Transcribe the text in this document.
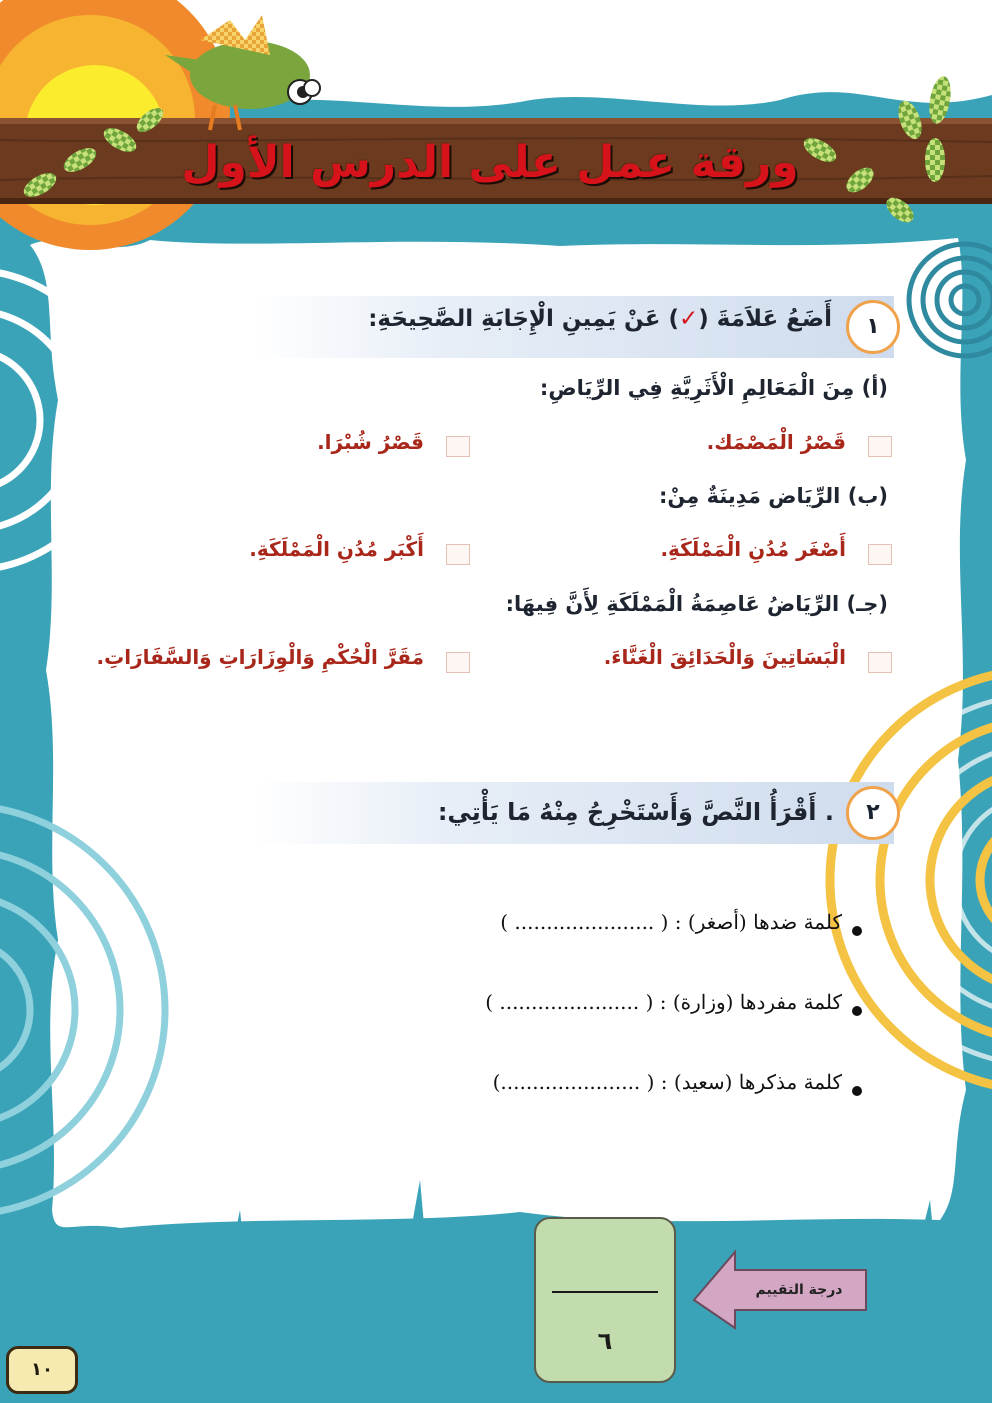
ورقة عمل على الدرس الأول
١
أَضَعُ عَلاَمَةَ (✓) عَنْ يَمِينِ الْإِجَابَةِ الصَّحِيحَةِ:
(أ) مِنَ الْمَعَالِمِ الْأَثَرِيَّةِ فِي الرِّيَاضِ:
قَصْرُ الْمَصْمَك.
قَصْرُ شُبْرَا.
(ب) الرِّيَاض مَدِينَةٌ مِنْ:
أَصْغَر مُدُنِ الْمَمْلَكَةِ.
أَكْبَر مُدُنِ الْمَمْلَكَةِ.
(جـ) الرِّيَاضُ عَاصِمَةُ الْمَمْلَكَةِ لِأَنَّ فِيهَا:
الْبَسَاتِينَ وَالْحَدَائِقَ الْغَنَّاءَ.
مَقَرَّ الْحُكْمِ وَالْوِزَارَاتِ وَالسَّفَارَاتِ.
٢
. أَقْرَأُ النَّصَّ وَأَسْتَخْرِجُ مِنْهُ مَا يَأْتِي:
كلمة ضدها (أصغر) : ( ...................... )
كلمة مفردها (وزارة) : ( ...................... )
كلمة مذكرها (سعيد) : ( ......................)
٦
درجة التقييم
١٠
